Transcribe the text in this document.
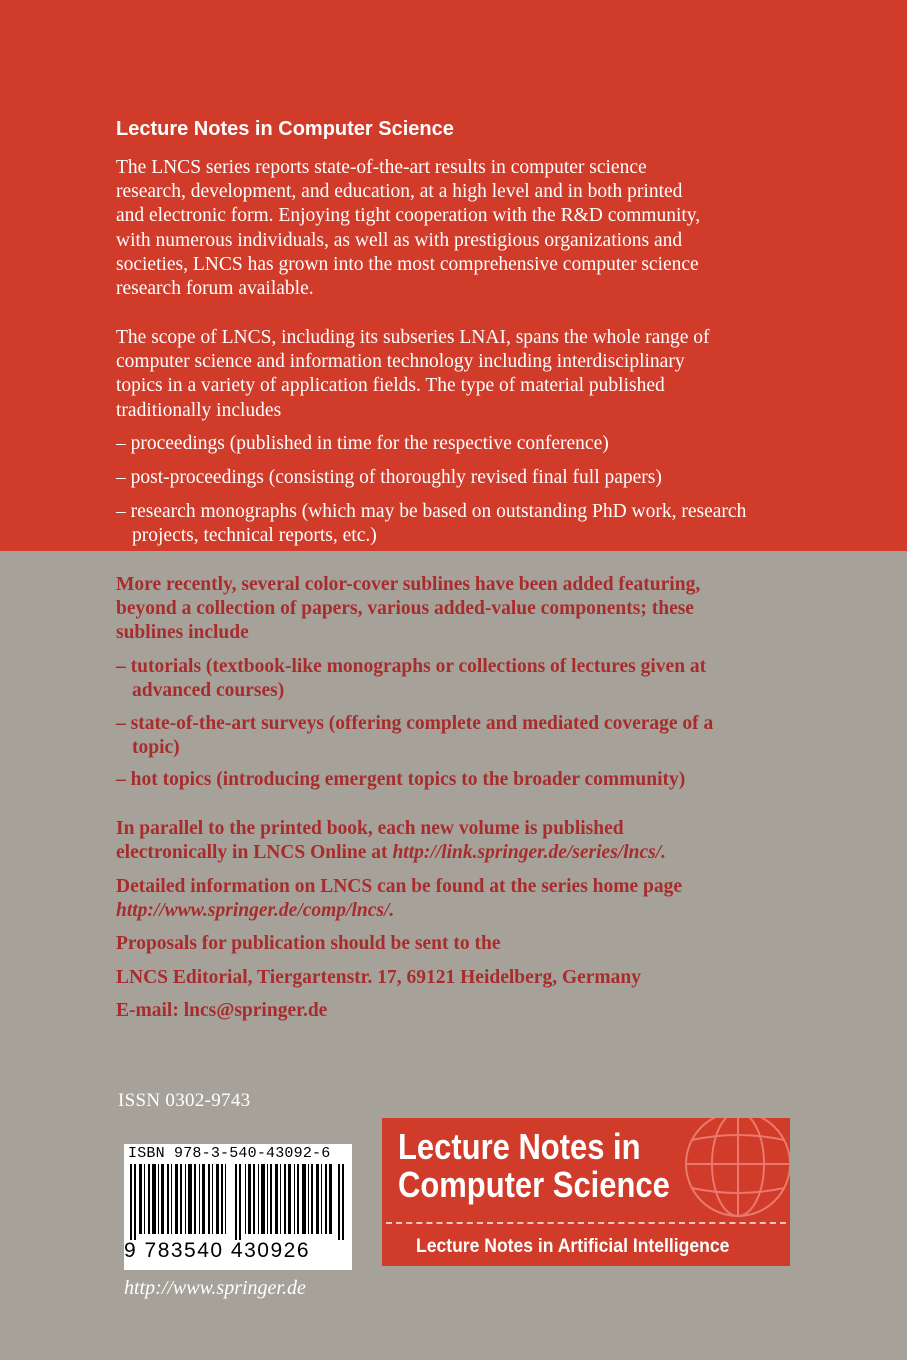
Lecture Notes in Computer Science
The LNCS series reports state-of-the-art results in computer science
research, development, and education, at a high level and in both printed
and electronic form. Enjoying tight cooperation with the R&D community,
with numerous individuals, as well as with prestigious organizations and
societies, LNCS has grown into the most comprehensive computer science
research forum available.
The scope of LNCS, including its subseries LNAI, spans the whole range of
computer science and information technology including interdisciplinary
topics in a variety of application fields. The type of material published
traditionally includes
– proceedings (published in time for the respective conference)
– post-proceedings (consisting of thoroughly revised final full papers)
– research monographs (which may be based on outstanding PhD work, research projects, technical reports, etc.)
More recently, several color-cover sublines have been added featuring,
beyond a collection of papers, various added-value components; these
sublines include
– tutorials (textbook-like monographs or collections of lectures given at advanced courses)
– state-of-the-art surveys (offering complete and mediated coverage of a topic)
– hot topics (introducing emergent topics to the broader community)
In parallel to the printed book, each new volume is published
electronically in LNCS Online at http://link.springer.de/series/lncs/.
Detailed information on LNCS can be found at the series home page
http://www.springer.de/comp/lncs/.
Proposals for publication should be sent to the
LNCS Editorial, Tiergartenstr. 17, 69121 Heidelberg, Germany
E-mail: lncs@springer.de
ISSN 0302-9743
ISBN 978-3-540-43092-6
9 783540 430926
http://www.springer.de
Lecture Notes in
Computer Science
Lecture Notes in Artificial Intelligence
